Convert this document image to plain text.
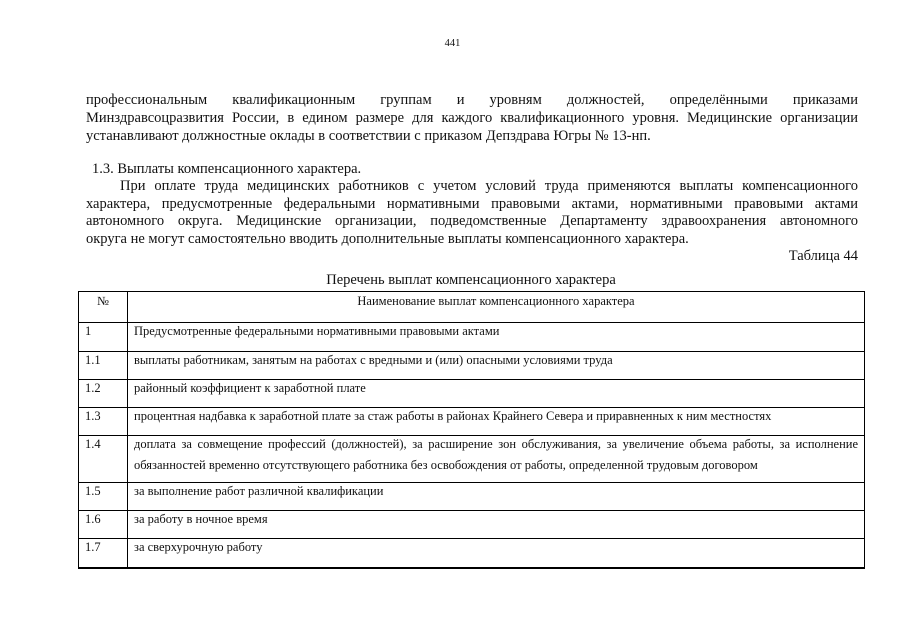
441
профессиональным квалификационным группам и уровням должностей, определёнными приказами
Минздравсоцразвития России, в едином размере для каждого квалификационного уровня. Медицинские организации
устанавливают должностные оклады в соответствии с приказом Депздрава Югры № 13-нп.
1.3. Выплаты компенсационного характера.
При оплате труда медицинских работников с учетом условий труда применяются выплаты компенсационного
характера, предусмотренные федеральными нормативными правовыми актами, нормативными правовыми актами
автономного округа. Медицинские организации, подведомственные Департаменту здравоохранения автономного
округа не могут самостоятельно вводить дополнительные выплаты компенсационного характера.
Таблица 44
Перечень выплат компенсационного характера
№	Наименование выплат компенсационного характера
1	Предусмотренные федеральными нормативными правовыми актами

1.1	выплаты работникам, занятым на работах с вредными и (или) опасными условиями труда

1.2	районный коэффициент к заработной плате

1.3	процентная надбавка к заработной плате за стаж работы в районах Крайнего Севера и приравненных к ним местностях

1.4	доплата за совмещение профессий (должностей), за расширение зон обслуживания, за увеличение объема работы, за исполнение
обязанностей временно отсутствующего работника без освобождения от работы, определенной трудовым договором

1.5	за выполнение работ различной квалификации

1.6	за работу в ночное время

1.7	за сверхурочную работу
